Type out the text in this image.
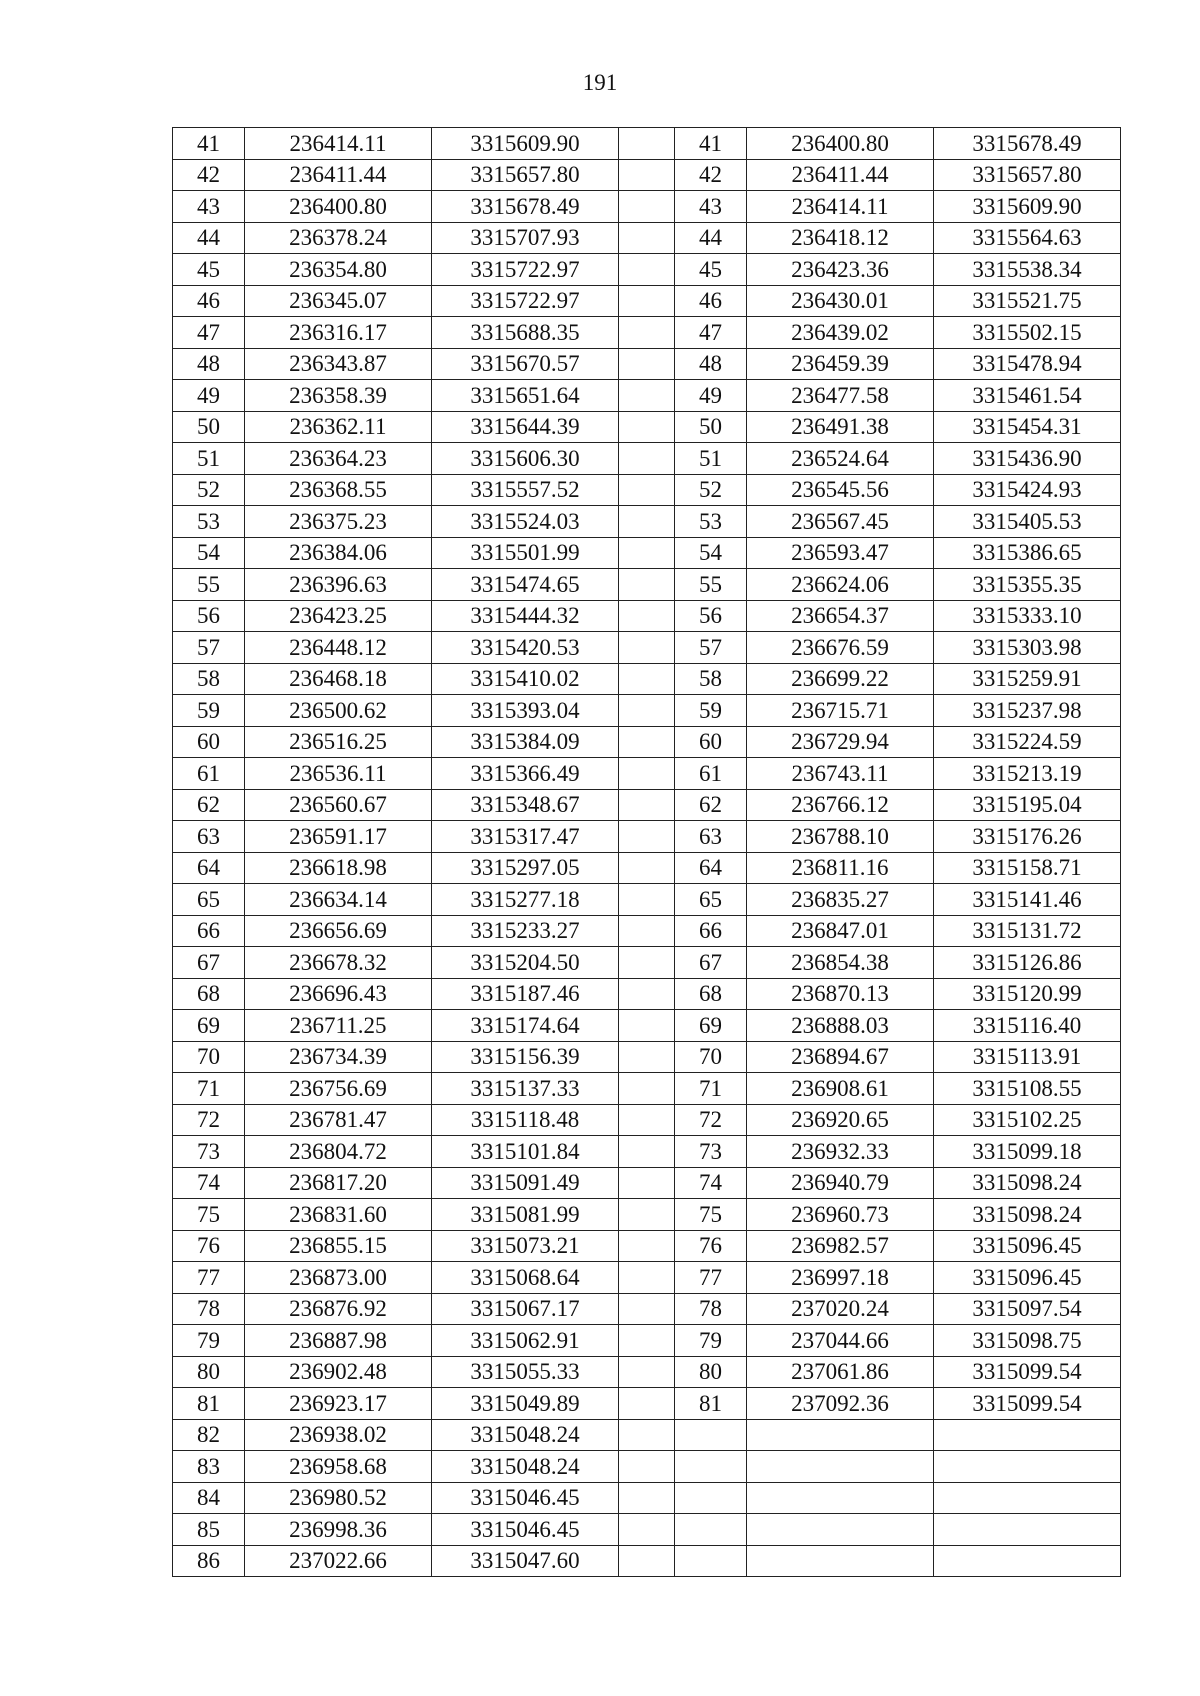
191
41	236414.11	3315609.90		41	236400.80	3315678.49
42	236411.44	3315657.80		42	236411.44	3315657.80
43	236400.80	3315678.49		43	236414.11	3315609.90
44	236378.24	3315707.93		44	236418.12	3315564.63
45	236354.80	3315722.97		45	236423.36	3315538.34
46	236345.07	3315722.97		46	236430.01	3315521.75
47	236316.17	3315688.35		47	236439.02	3315502.15
48	236343.87	3315670.57		48	236459.39	3315478.94
49	236358.39	3315651.64		49	236477.58	3315461.54
50	236362.11	3315644.39		50	236491.38	3315454.31
51	236364.23	3315606.30		51	236524.64	3315436.90
52	236368.55	3315557.52		52	236545.56	3315424.93
53	236375.23	3315524.03		53	236567.45	3315405.53
54	236384.06	3315501.99		54	236593.47	3315386.65
55	236396.63	3315474.65		55	236624.06	3315355.35
56	236423.25	3315444.32		56	236654.37	3315333.10
57	236448.12	3315420.53		57	236676.59	3315303.98
58	236468.18	3315410.02		58	236699.22	3315259.91
59	236500.62	3315393.04		59	236715.71	3315237.98
60	236516.25	3315384.09		60	236729.94	3315224.59
61	236536.11	3315366.49		61	236743.11	3315213.19
62	236560.67	3315348.67		62	236766.12	3315195.04
63	236591.17	3315317.47		63	236788.10	3315176.26
64	236618.98	3315297.05		64	236811.16	3315158.71
65	236634.14	3315277.18		65	236835.27	3315141.46
66	236656.69	3315233.27		66	236847.01	3315131.72
67	236678.32	3315204.50		67	236854.38	3315126.86
68	236696.43	3315187.46		68	236870.13	3315120.99
69	236711.25	3315174.64		69	236888.03	3315116.40
70	236734.39	3315156.39		70	236894.67	3315113.91
71	236756.69	3315137.33		71	236908.61	3315108.55
72	236781.47	3315118.48		72	236920.65	3315102.25
73	236804.72	3315101.84		73	236932.33	3315099.18
74	236817.20	3315091.49		74	236940.79	3315098.24
75	236831.60	3315081.99		75	236960.73	3315098.24
76	236855.15	3315073.21		76	236982.57	3315096.45
77	236873.00	3315068.64		77	236997.18	3315096.45
78	236876.92	3315067.17		78	237020.24	3315097.54
79	236887.98	3315062.91		79	237044.66	3315098.75
80	236902.48	3315055.33		80	237061.86	3315099.54
81	236923.17	3315049.89		81	237092.36	3315099.54
82	236938.02	3315048.24				
83	236958.68	3315048.24				
84	236980.52	3315046.45				
85	236998.36	3315046.45				
86	237022.66	3315047.60				
